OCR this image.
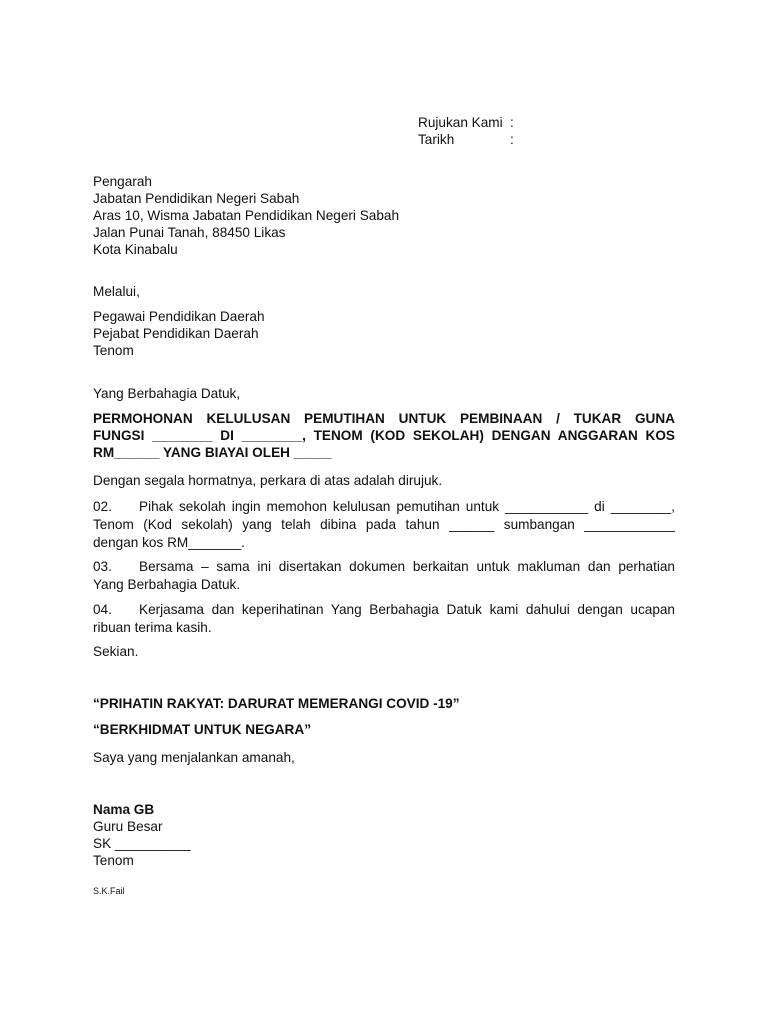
Rujukan Kami :
Tarikh	:
Pengarah
Jabatan Pendidikan Negeri Sabah
Aras 10, Wisma Jabatan Pendidikan Negeri Sabah
Jalan Punai Tanah, 88450 Likas
Kota Kinabalu
Melalui,
Pegawai Pendidikan Daerah
Pejabat Pendidikan Daerah
Tenom
Yang Berbahagia Datuk,
PERMOHONAN KELULUSAN PEMUTIHAN UNTUK PEMBINAAN / TUKAR GUNA
FUNGSI ________ DI ________, TENOM (KOD SEKOLAH) DENGAN ANGGARAN KOS
RM______ YANG BIAYAI OLEH _____
Dengan segala hormatnya, perkara di atas adalah dirujuk.
02. Pihak sekolah ingin memohon kelulusan pemutihan untuk ___________ di ________,
Tenom (Kod sekolah) yang telah dibina pada tahun ______ sumbangan ____________
dengan kos RM_______.
03. Bersama – sama ini disertakan dokumen berkaitan untuk makluman dan perhatian
Yang Berbahagia Datuk.
04. Kerjasama dan keperihatinan Yang Berbahagia Datuk kami dahului dengan ucapan
ribuan terima kasih.
Sekian.
“PRIHATIN RAKYAT: DARURAT MEMERANGI COVID -19”
“BERKHIDMAT UNTUK NEGARA”
Saya yang menjalankan amanah,
Nama GB
Guru Besar
SK __________
Tenom
S.K.Fail
